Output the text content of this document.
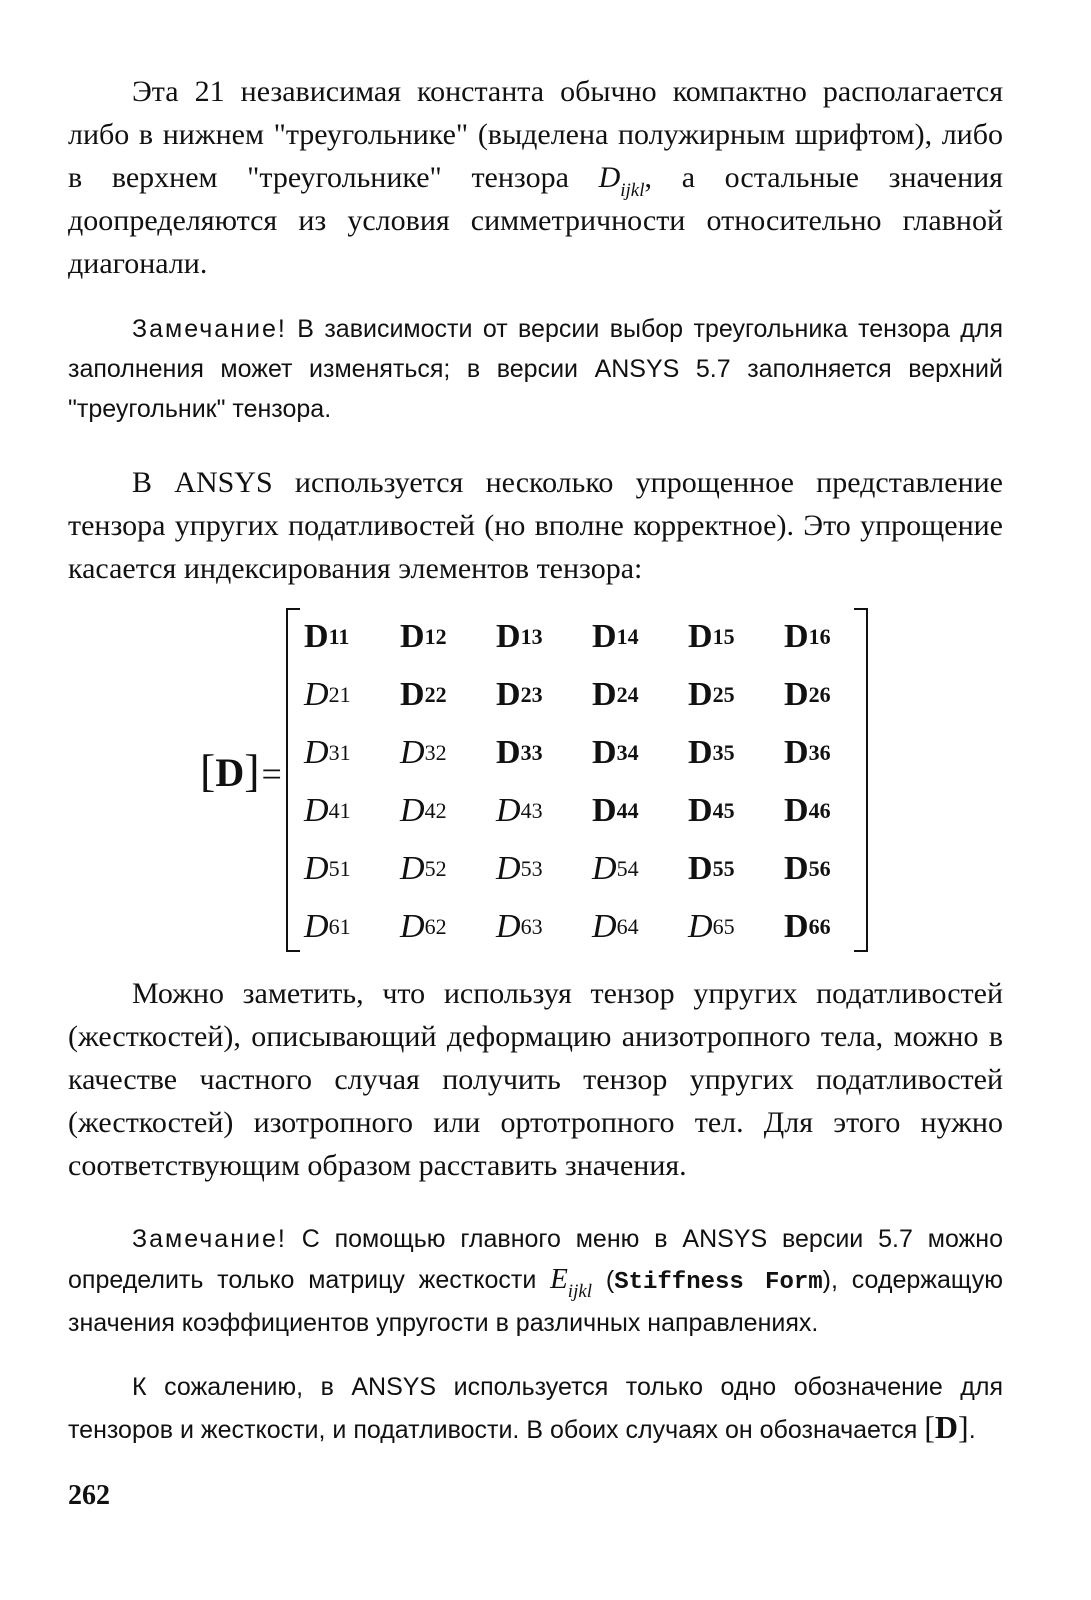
Эта 21 независимая константа обычно компактно располагается либо в нижнем "треугольнике" (выделена полужирным шрифтом), либо в верхнем "треугольнике" тензора $D_{ijkl}$, а остальные значения доопределяются из условия симметричности относительно главной диагонали.

Замечание! В зависимости от версии выбор треугольника тензора для заполнения может изменяться; в версии ANSYS 5.7 заполняется верхний "треугольник" тензора.

В ANSYS используется несколько упрощенное представление тензора упругих податливостей (но вполне корректное). Это упрощение касается индексирования элементов тензора:

[D]=
D 11 D 12 D 13 D 14 D 15 D 16
D 21 D 22 D 23 D 24 D 25 D 26
D 31 D 32 D 33 D 34 D 35 D 36
D 41 D 42 D 43 D 44 D 45 D 46
D 51 D 52 D 53 D 54 D 55 D 56
D 61 D 62 D 63 D 64 D 65 D 66

Можно заметить, что используя тензор упругих податливостей (жесткостей), описывающий деформацию анизотропного тела, можно в качестве частного случая получить тензор упругих податливостей (жесткостей) изотропного или ортотропного тел. Для этого нужно соответствующим образом расставить значения.

Замечание! С помощью главного меню в ANSYS версии 5.7 можно определить только матрицу жесткости $E_{ijkl}$ (Stiffness Form), содержащую значения коэффициентов упругости в различных направлениях.

К сожалению, в ANSYS используется только одно обозначение для тензоров и жесткости, и податливости. В обоих случаях он обозначается [D].

262
